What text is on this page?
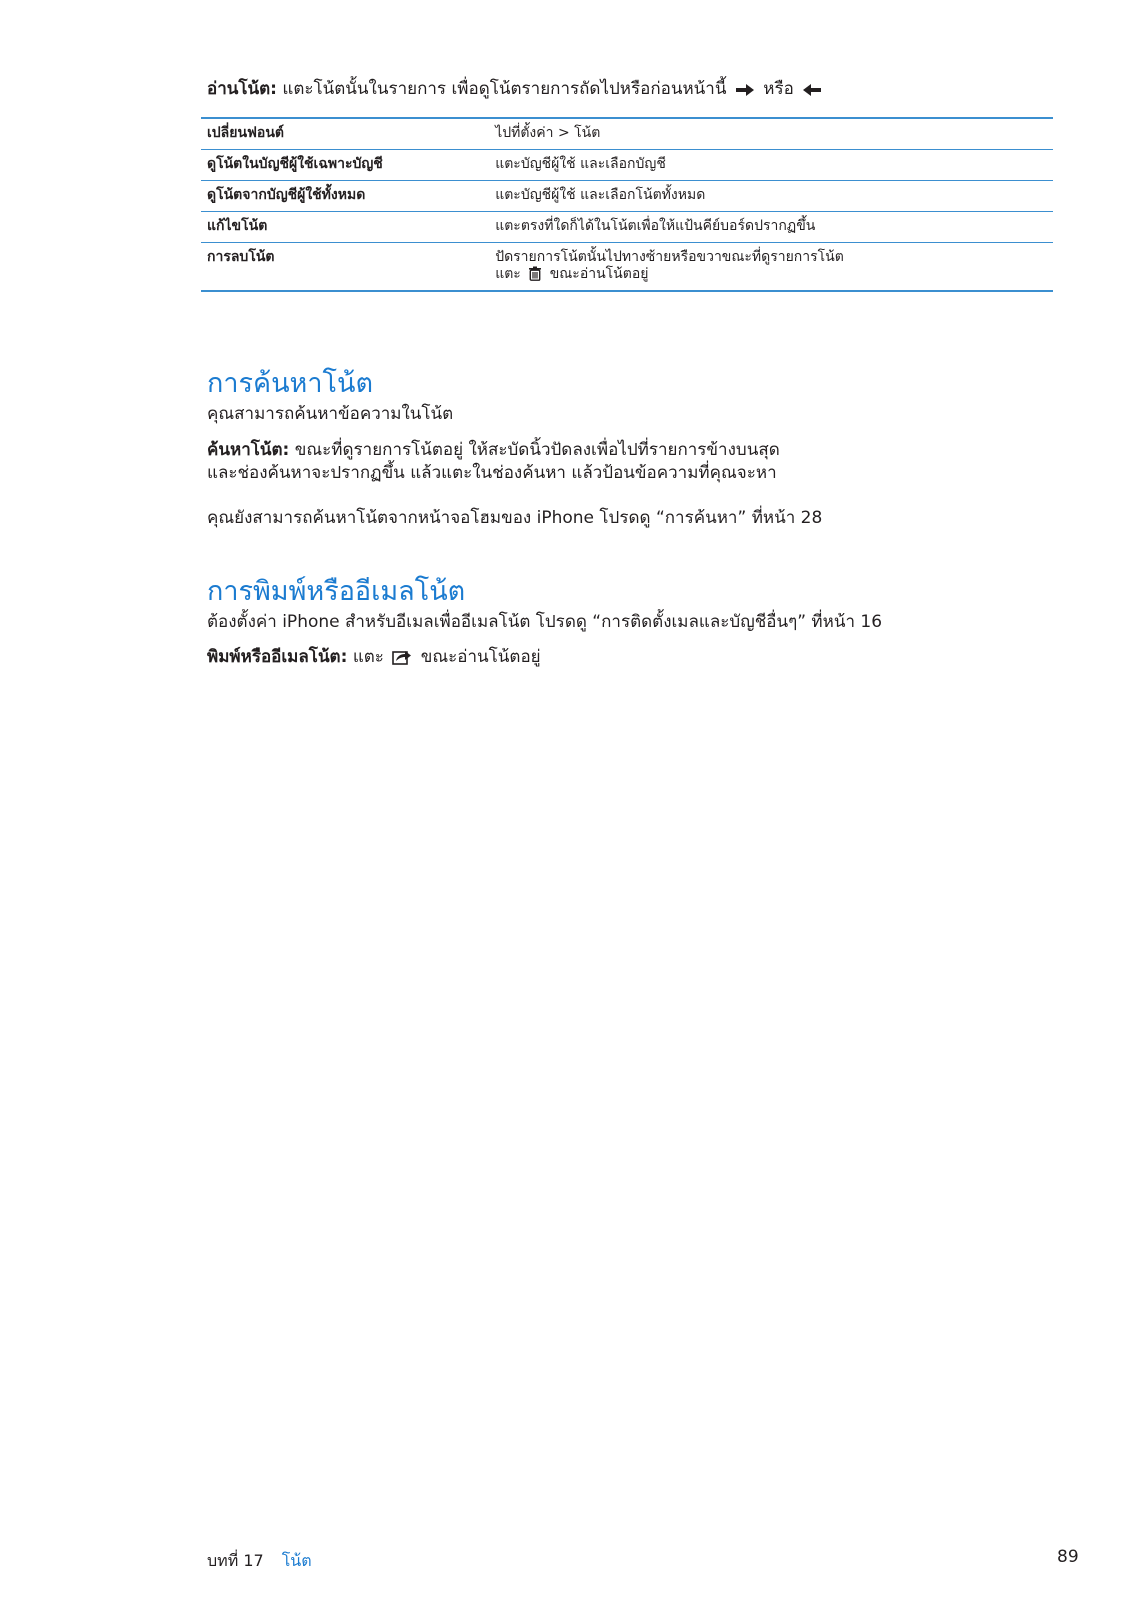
อ่านโน้ต: แตะโน้ตนั้นในรายการ เพื่อดูโน้ตรายการถัดไปหรือก่อนหน้านี้ หรือ
เปลี่ยนฟอนต์	ไปที่ตั้งค่า > โน้ต
ดูโน้ตในบัญชีผู้ใช้เฉพาะบัญชี	แตะบัญชีผู้ใช้ และเลือกบัญชี
ดูโน้ตจากบัญชีผู้ใช้ทั้งหมด	แตะบัญชีผู้ใช้ และเลือกโน้ตทั้งหมด
แก้ไขโน้ต	แตะตรงที่ใดก็ได้ในโน้ตเพื่อให้แป้นคีย์บอร์ดปรากฏขึ้น
การลบโน้ต	ปัดรายการโน้ตนั้นไปทางซ้ายหรือขวาขณะที่ดูรายการโน้ต
แตะ ขณะอ่านโน้ตอยู่
การค้นหาโน้ต

คุณสามารถค้นหาข้อความในโน้ต

ค้นหาโน้ต: ขณะที่ดูรายการโน้ตอยู่ ให้สะบัดนิ้วปัดลงเพื่อไปที่รายการข้างบนสุด
และช่องค้นหาจะปรากฏขึ้น แล้วแตะในช่องค้นหา แล้วป้อนข้อความที่คุณจะหา

คุณยังสามารถค้นหาโน้ตจากหน้าจอโฮมของ iPhone โปรดดู “การค้นหา” ที่หน้า 28

การพิมพ์หรืออีเมลโน้ต

ต้องตั้งค่า iPhone สำหรับอีเมลเพื่ออีเมลโน้ต โปรดดู “การติดตั้งเมลและบัญชีอื่นๆ” ที่หน้า 16

พิมพ์หรืออีเมลโน้ต: แตะ ขณะอ่านโน้ตอยู่

บทที่ 17 โน้ต	89
